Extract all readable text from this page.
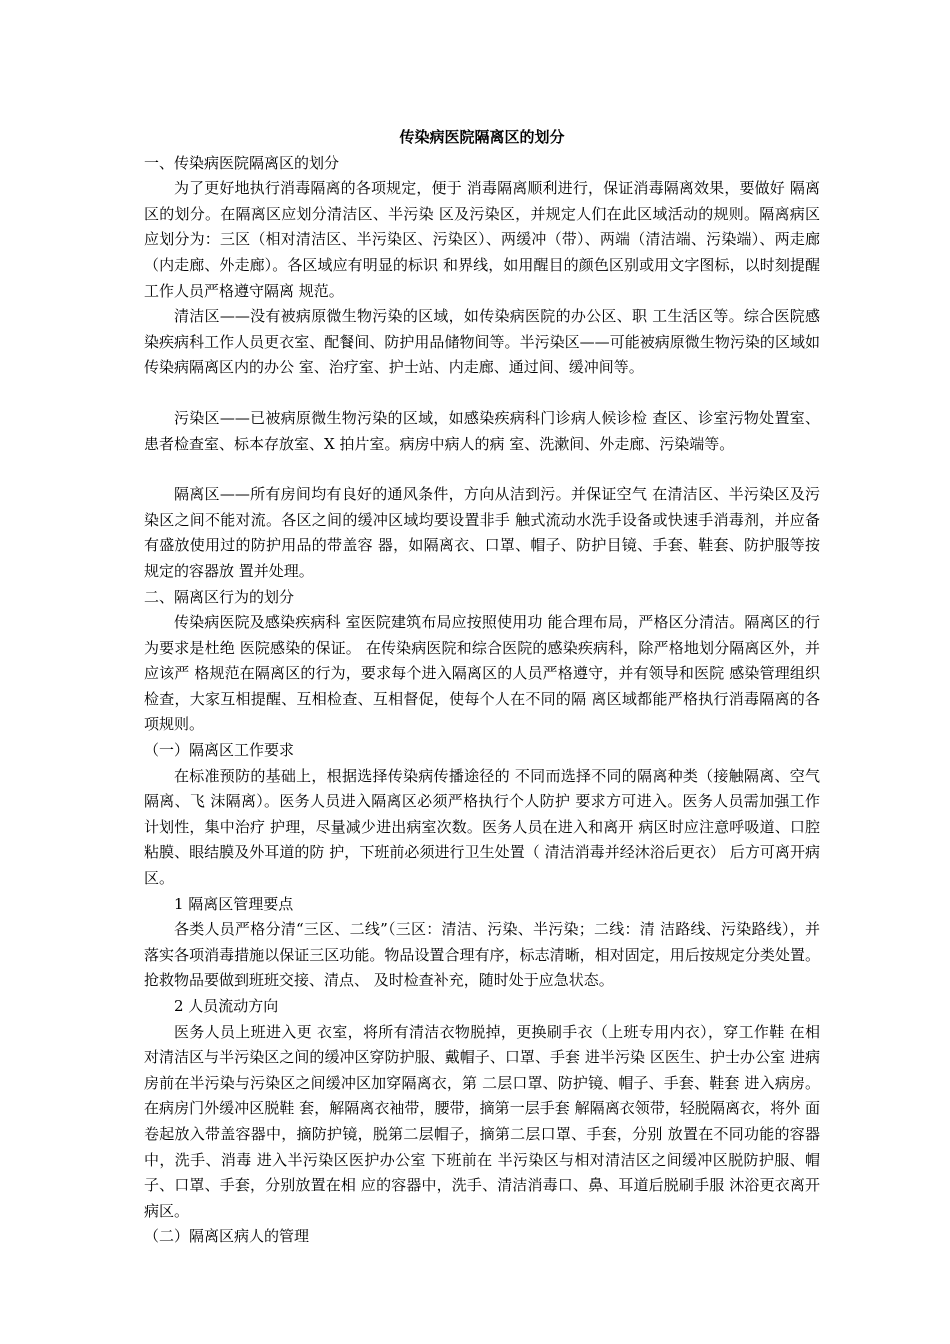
传染病医院隔离区的划分

一、传染病医院隔离区的划分

为了更好地执行消毒隔离的各项规定，便于 消毒隔离顺利进行，保证消毒隔离效果，要做好 隔离区的划分。在隔离区应划分清洁区、半污染 区及污染区，并规定人们在此区域活动的规则。隔离病区应划分为：三区（相对清洁区、半污染区、污染区）、两缓冲（带）、两端（清洁端、污染端）、两走廊（内走廊、外走廊）。各区域应有明显的标识 和界线，如用醒目的颜色区别或用文字图标，以时刻提醒工作人员严格遵守隔离 规范。

清洁区——没有被病原微生物污染的区域，如传染病医院的办公区、职 工生活区等。综合医院感染疾病科工作人员更衣室、配餐间、防护用品储物间等。半污染区——可能被病原微生物污染的区域如传染病隔离区内的办公 室、治疗室、护士站、内走廊、通过间、缓冲间等。

污染区——已被病原微生物污染的区域，如感染疾病科门诊病人候诊检 查区、诊室污物处置室、患者检查室、标本存放室、X 拍片室。病房中病人的病 室、洗漱间、外走廊、污染端等。

隔离区——所有房间均有良好的通风条件，方向从洁到污。并保证空气 在清洁区、半污染区及污染区之间不能对流。各区之间的缓冲区域均要设置非手 触式流动水洗手设备或快速手消毒剂，并应备有盛放使用过的防护用品的带盖容 器，如隔离衣、口罩、帽子、防护目镜、手套、鞋套、防护服等按规定的容器放 置并处理。

二、隔离区行为的划分

传染病医院及感染疾病科 室医院建筑布局应按照使用功 能合理布局，严格区分清洁。隔离区的行为要求是杜绝 医院感染的保证。 在传染病医院和综合医院的感染疾病科，除严格地划分隔离区外，并应该严 格规范在隔离区的行为，要求每个进入隔离区的人员严格遵守，并有领导和医院 感染管理组织检查，大家互相提醒、互相检查、互相督促，使每个人在不同的隔 离区域都能严格执行消毒隔离的各项规则。

（一）隔离区工作要求

在标准预防的基础上，根据选择传染病传播途径的 不同而选择不同的隔离种类（接触隔离、空气隔离、飞 沫隔离）。医务人员进入隔离区必须严格执行个人防护 要求方可进入。医务人员需加强工作计划性，集中治疗 护理，尽量减少进出病室次数。医务人员在进入和离开 病区时应注意呼吸道、口腔粘膜、眼结膜及外耳道的防 护，下班前必须进行卫生处置（ 清洁消毒并经沐浴后更衣） 后方可离开病区。

1 隔离区管理要点

各类人员严格分清“三区、二线”（三区：清洁、污染、半污染；二线：清 洁路线、污染路线），并落实各项消毒措施以保证三区功能。物品设置合理有序，标志清晰，相对固定，用后按规定分类处置。抢救物品要做到班班交接、清点、 及时检查补充，随时处于应急状态。

2 人员流动方向

医务人员上班进入更 衣室，将所有清洁衣物脱掉，更换刷手衣（上班专用内衣），穿工作鞋 在相 对清洁区与半污染区之间的缓冲区穿防护服、戴帽子、口罩、手套 进半污染 区医生、护士办公室 进病房前在半污染与污染区之间缓冲区加穿隔离衣，第 二层口罩、防护镜、帽子、手套、鞋套 进入病房。在病房门外缓冲区脱鞋 套，解隔离衣袖带，腰带，摘第一层手套 解隔离衣领带，轻脱隔离衣，将外 面卷起放入带盖容器中，摘防护镜，脱第二层帽子，摘第二层口罩、手套，分别 放置在不同功能的容器中，洗手、消毒 进入半污染区医护办公室 下班前在 半污染区与相对清洁区之间缓冲区脱防护服、帽子、口罩、手套，分别放置在相 应的容器中，洗手、清洁消毒口、鼻、耳道后脱刷手服 沐浴更衣离开病区。

（二）隔离区病人的管理
